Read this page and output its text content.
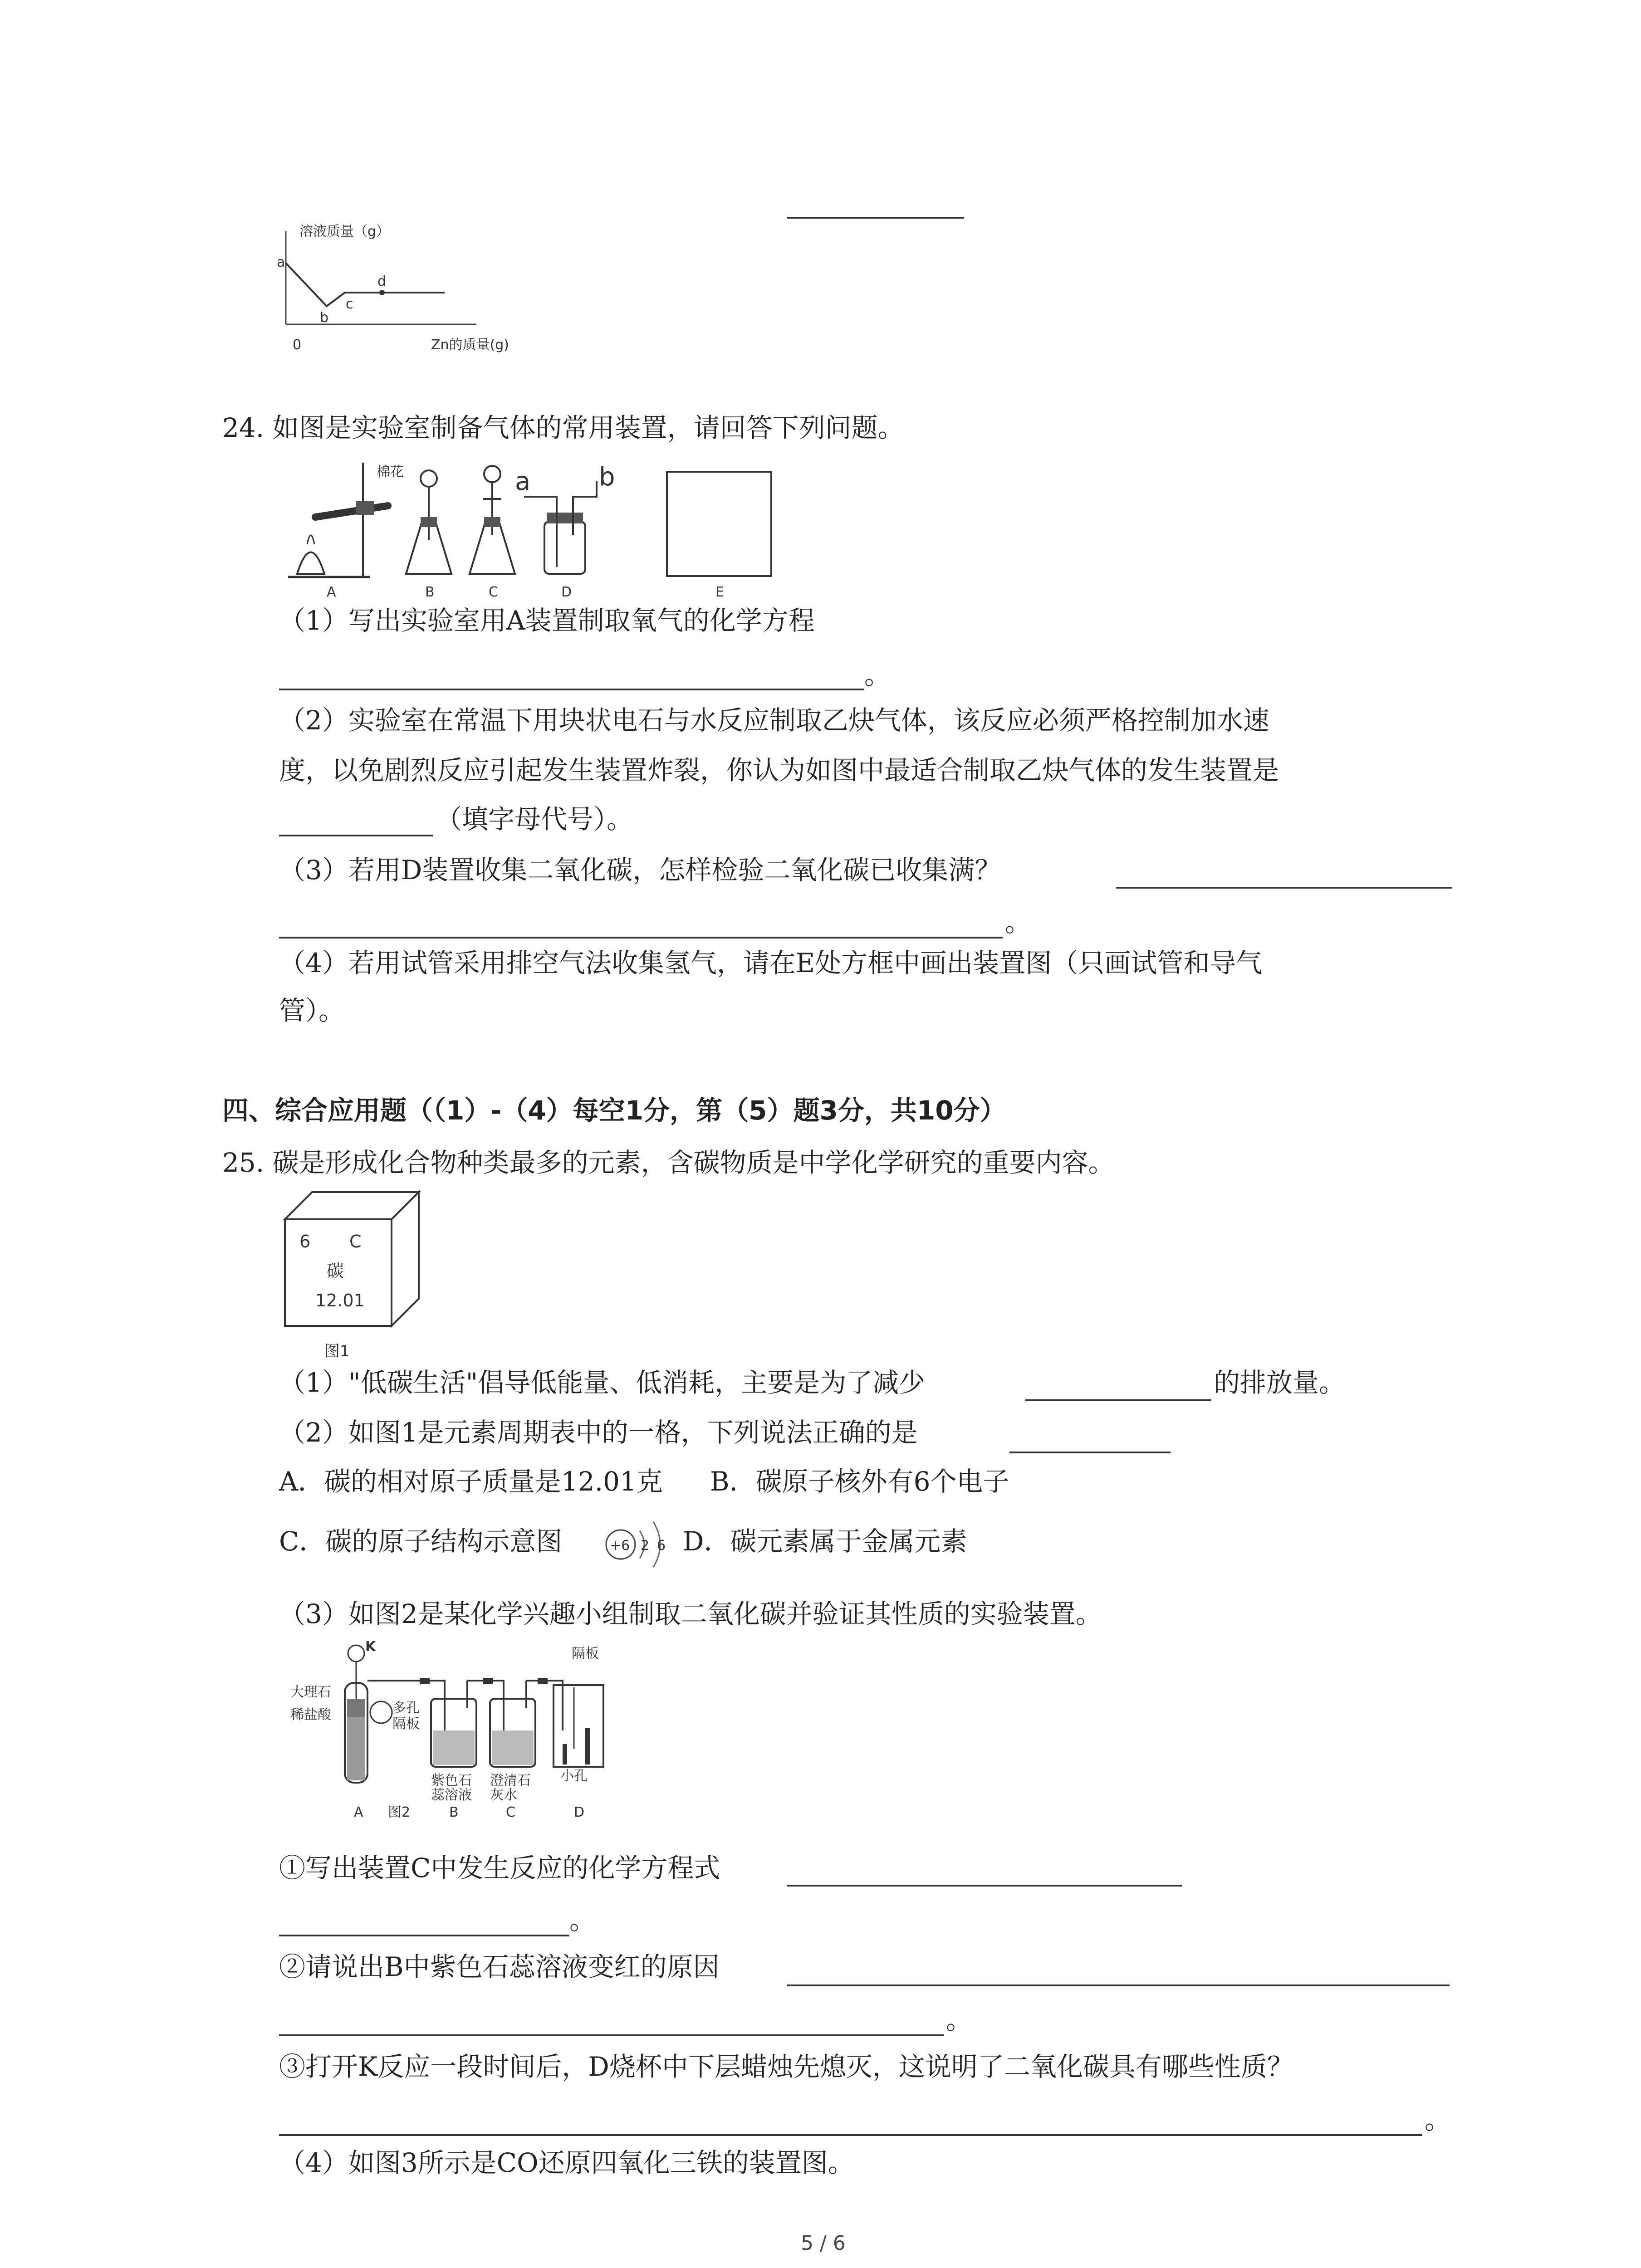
溶液质量（g）
Zn的质量(g)
0
a
b
c
d
24. 如图是实验室制备气体的常用装置，请回答下列问题。
棉花	a	b
A	B	C	D	E
（1）写出实验室用A装置制取氧气的化学方程
。
（2）实验室在常温下用块状电石与水反应制取乙炔气体，该反应必须严格控制加水速
度，以免剧烈反应引起发生装置炸裂，你认为如图中最适合制取乙炔气体的发生装置是
（填字母代号）。
（3）若用D装置收集二氧化碳，怎样检验二氧化碳已收集满？
。
（4）若用试管采用排空气法收集氢气，请在E处方框中画出装置图（只画试管和导气
管）。
四、综合应用题（（1）-（4）每空1分，第（5）题3分，共10分）
25. 碳是形成化合物种类最多的元素，含碳物质是中学化学研究的重要内容。
6 C
碳
12.01
图1
（1）"低碳生活"倡导低能量、低消耗，主要是为了减少	的排放量。
（2）如图1是元素周期表中的一格，下列说法正确的是
A．碳的相对原子质量是12.01克 B．碳原子核外有6个电子
C．碳的原子结构示意图	+6 2 6 D．碳元素属于金属元素
（3）如图2是某化学兴趣小组制取二氧化碳并验证其性质的实验装置。
K
大理石
稀盐酸	多孔
隔板
隔板
紫色石
蕊溶液
澄清石
灰水
小孔
A 图2	B	C	D
①写出装置C中发生反应的化学方程式
。
②请说出B中紫色石蕊溶液变红的原因
。
③打开K反应一段时间后，D烧杯中下层蜡烛先熄灭，这说明了二氧化碳具有哪些性质？
。
（4）如图3所示是CO还原四氧化三铁的装置图。
5 / 6
